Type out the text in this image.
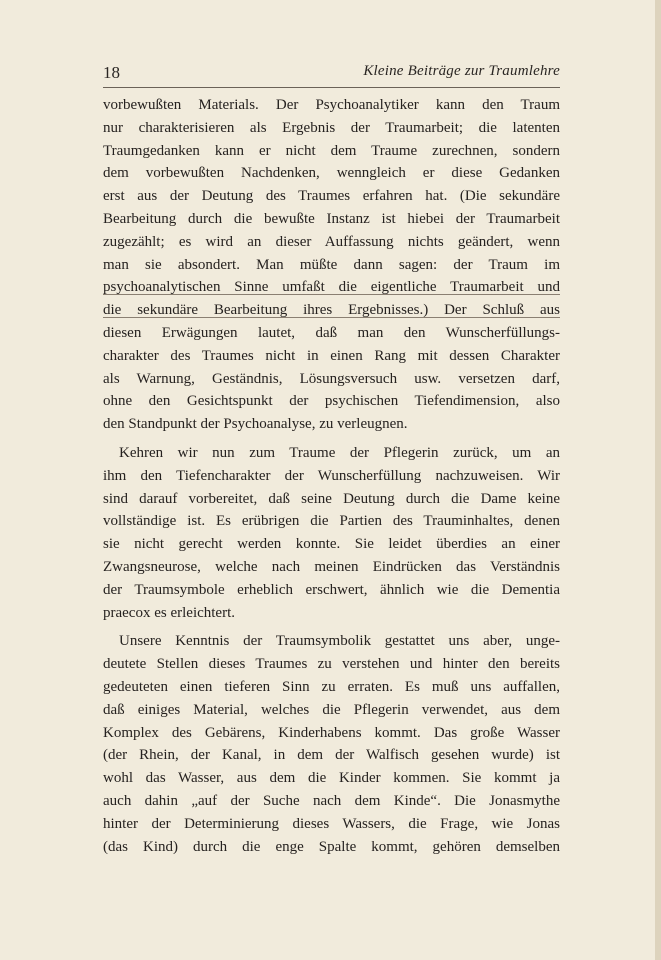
18	Kleine Beiträge zur Traumlehre
vorbewußten Materials. Der Psychoanalytiker kann den Traum
nur charakterisieren als Ergebnis der Traumarbeit; die latenten
Traumgedanken kann er nicht dem Traume zurechnen, sondern
dem vorbewußten Nachdenken, wenngleich er diese Gedanken
erst aus der Deutung des Traumes erfahren hat. (Die sekundäre
Bearbeitung durch die bewußte Instanz ist hiebei der Traumarbeit
zugezählt; es wird an dieser Auffassung nichts geändert, wenn
man sie absondert. Man müßte dann sagen: der Traum im
psychoanalytischen Sinne umfaßt die eigentliche Traumarbeit und
die sekundäre Bearbeitung ihres Ergebnisses.) Der Schluß aus
diesen Erwägungen lautet, daß man den Wunscherfüllungs-
charakter des Traumes nicht in einen Rang mit dessen Charakter
als Warnung, Geständnis, Lösungsversuch usw. versetzen darf,
ohne den Gesichtspunkt der psychischen Tiefendimension, also
den Standpunkt der Psychoanalyse, zu verleugnen.
Kehren wir nun zum Traume der Pflegerin zurück, um an
ihm den Tiefencharakter der Wunscherfüllung nachzuweisen. Wir
sind darauf vorbereitet, daß seine Deutung durch die Dame keine
vollständige ist. Es erübrigen die Partien des Trauminhaltes, denen
sie nicht gerecht werden konnte. Sie leidet überdies an einer
Zwangsneurose, welche nach meinen Eindrücken das Verständnis
der Traumsymbole erheblich erschwert, ähnlich wie die Dementia
praecox es erleichtert.
Unsere Kenntnis der Traumsymbolik gestattet uns aber, unge-
deutete Stellen dieses Traumes zu verstehen und hinter den bereits
gedeuteten einen tieferen Sinn zu erraten. Es muß uns auffallen,
daß einiges Material, welches die Pflegerin verwendet, aus dem
Komplex des Gebärens, Kinderhabens kommt. Das große Wasser
(der Rhein, der Kanal, in dem der Walfisch gesehen wurde) ist
wohl das Wasser, aus dem die Kinder kommen. Sie kommt ja
auch dahin „auf der Suche nach dem Kinde“. Die Jonasmythe
hinter der Determinierung dieses Wassers, die Frage, wie Jonas
(das Kind) durch die enge Spalte kommt, gehören demselben
